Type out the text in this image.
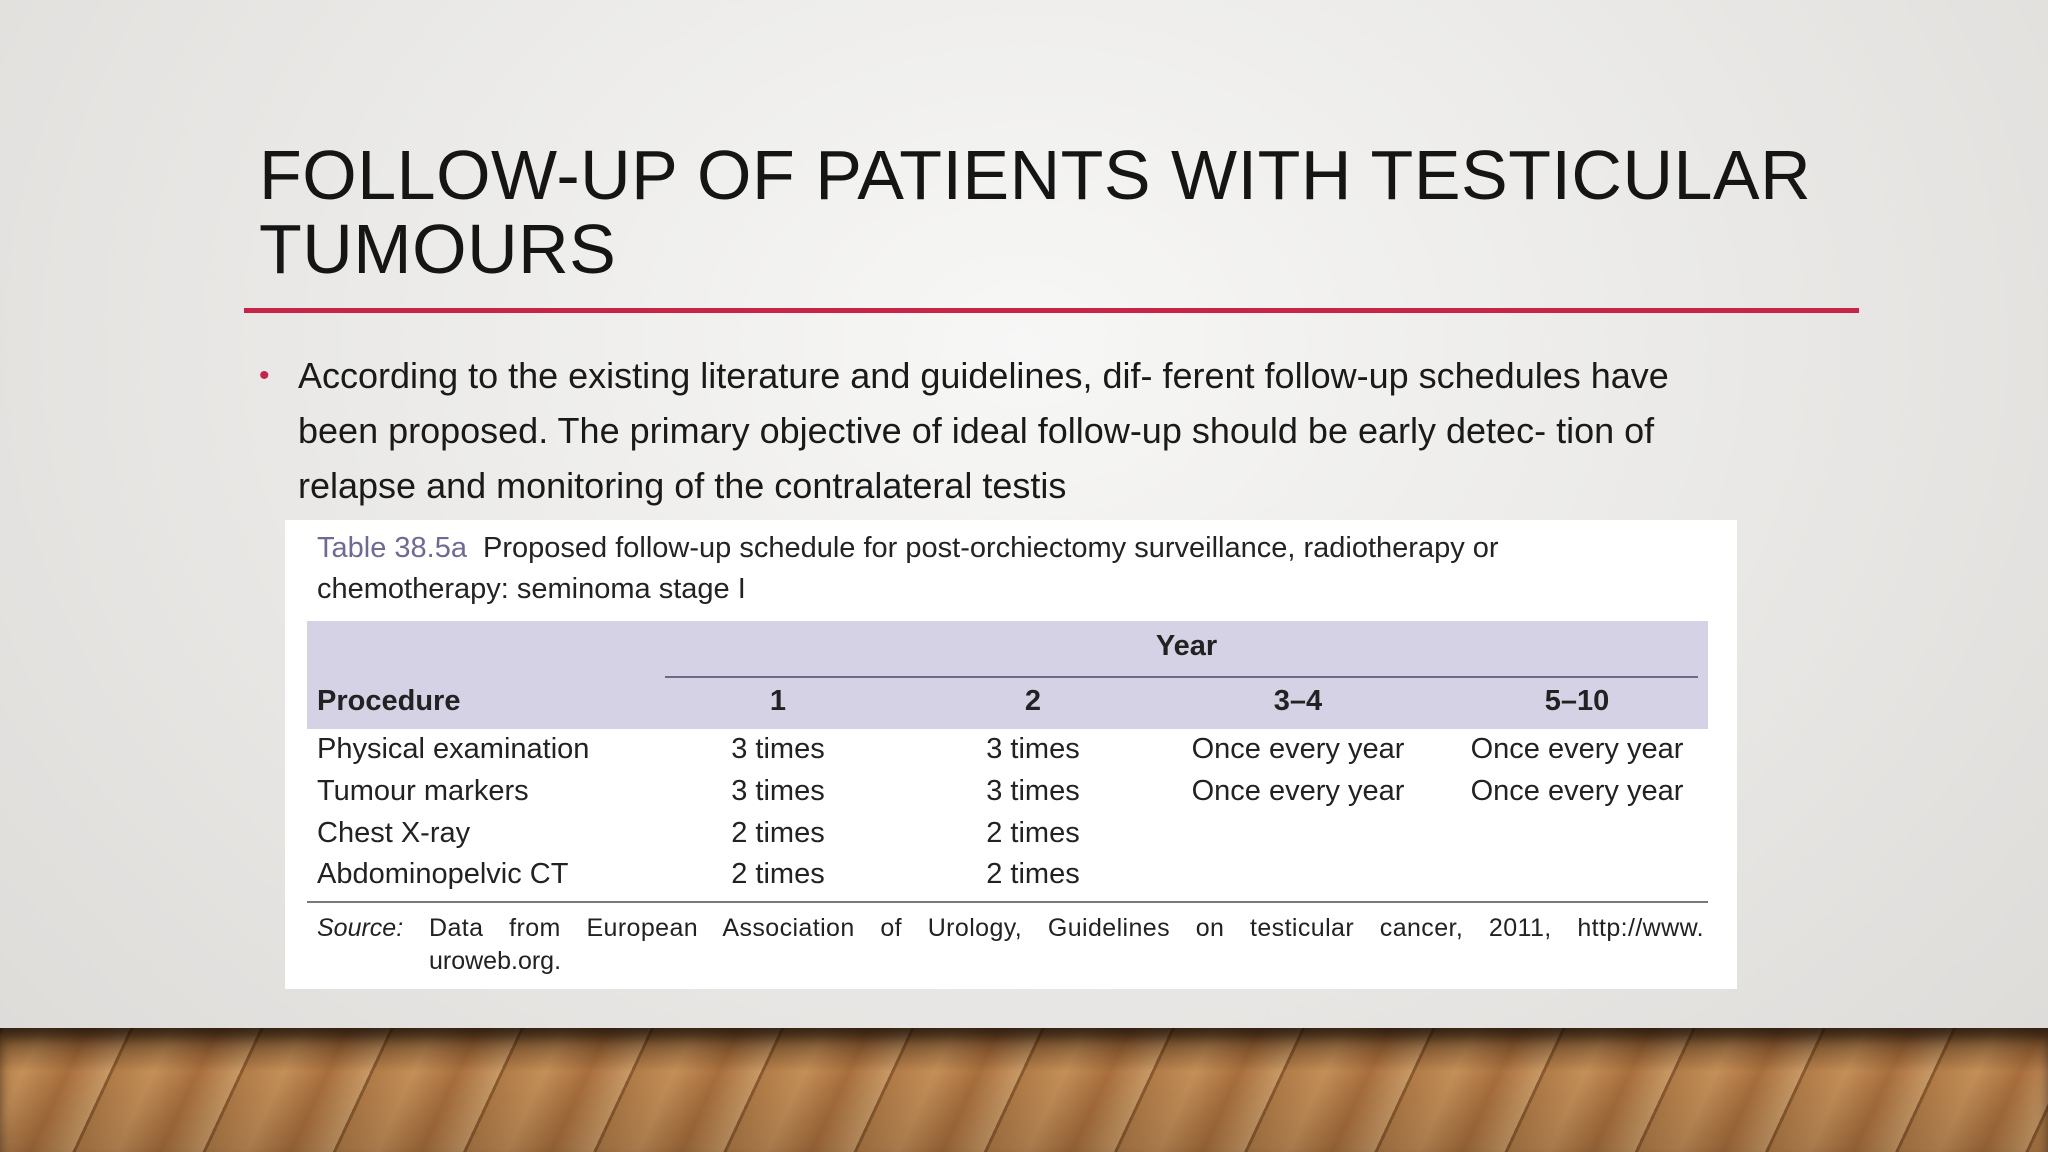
FOLLOW-UP OF PATIENTS WITH TESTICULAR
TUMOURS
• According to the existing literature and guidelines, dif- ferent follow-up schedules have
been proposed. The primary objective of ideal follow-up should be early detec- tion of
relapse and monitoring of the contralateral testis
Table 38.5a Proposed follow-up schedule for post-orchiectomy surveillance, radiotherapy or
chemotherapy: seminoma stage I
Year
Procedure	1	2	3–4	5–10
Physical examination	3 times	3 times	Once every year	Once every year
Tumour markers	3 times	3 times	Once every year	Once every year
Chest X-ray	2 times	2 times
Abdominopelvic CT	2 times	2 times
Source: Data from European Association of Urology, Guidelines on testicular cancer, 2011, http://www.
uroweb.org.
